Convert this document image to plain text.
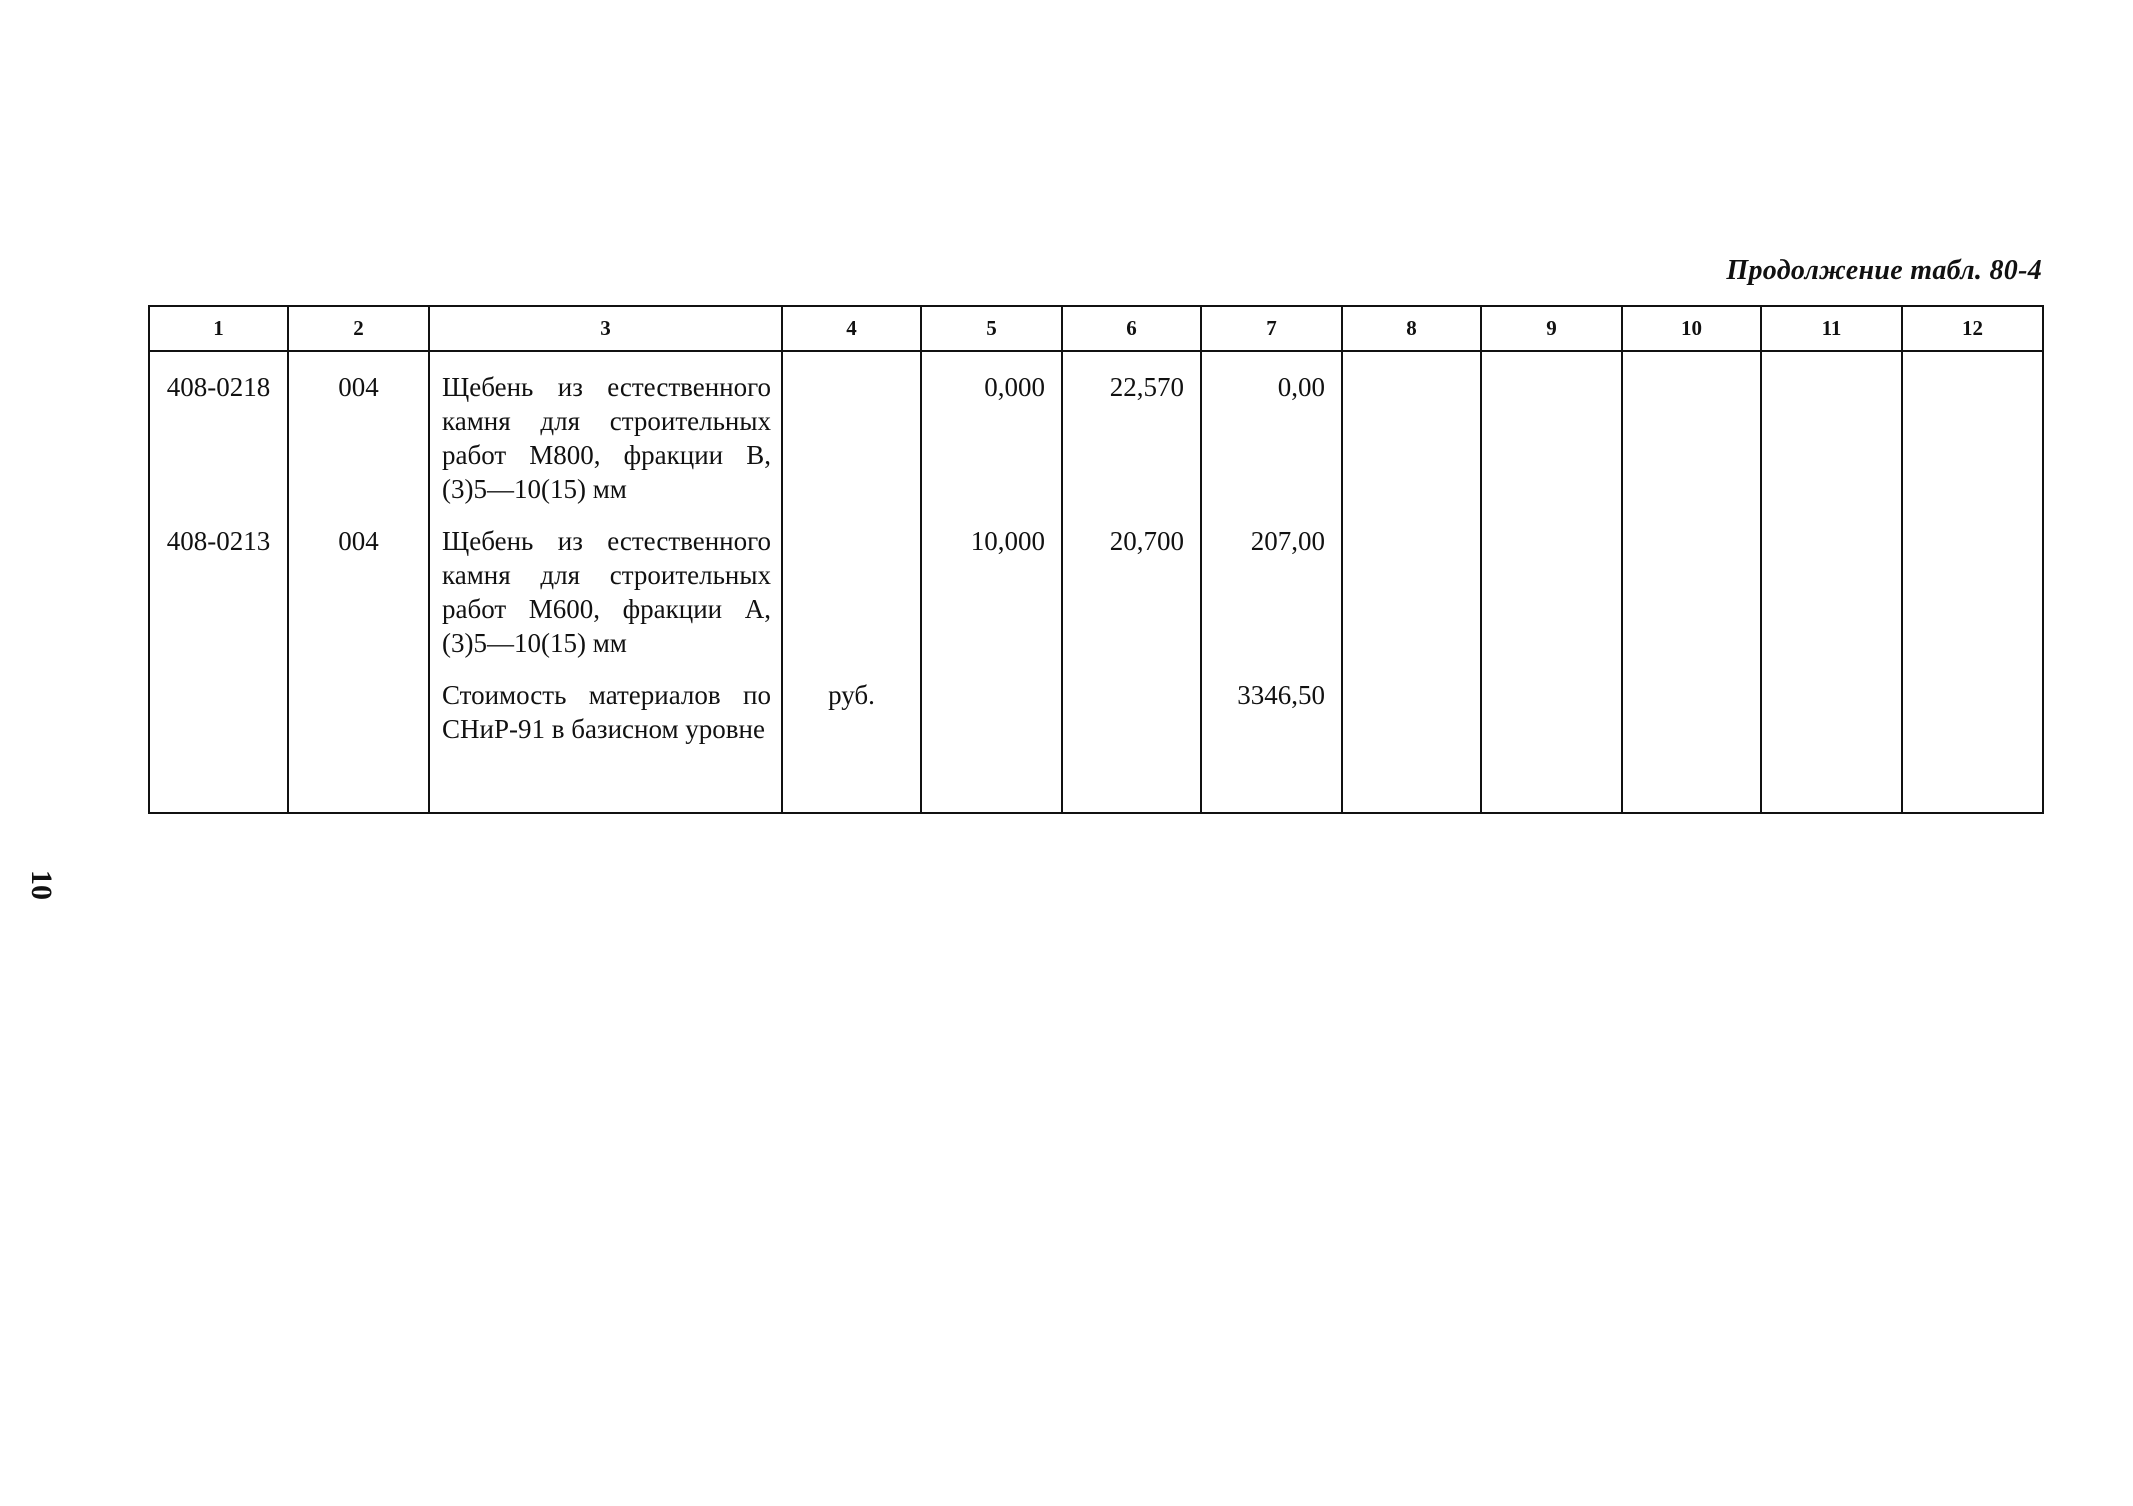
Продолжение табл. 80-4
10
1	2	3	4	5	6	7	8	9	10	11	12

408-0218	004	Щебень из естественного камня для строительных работ М800, фракции В, (3)5—10(15) мм		0,000	22,570	0,00					

408-0213	004	Щебень из естественного камня для строительных работ М600, фракции А, (3)5—10(15) мм		10,000	20,700	207,00					

		Стоимость материалов по СНиР-91 в базисном уровне	руб.			3346,50					
